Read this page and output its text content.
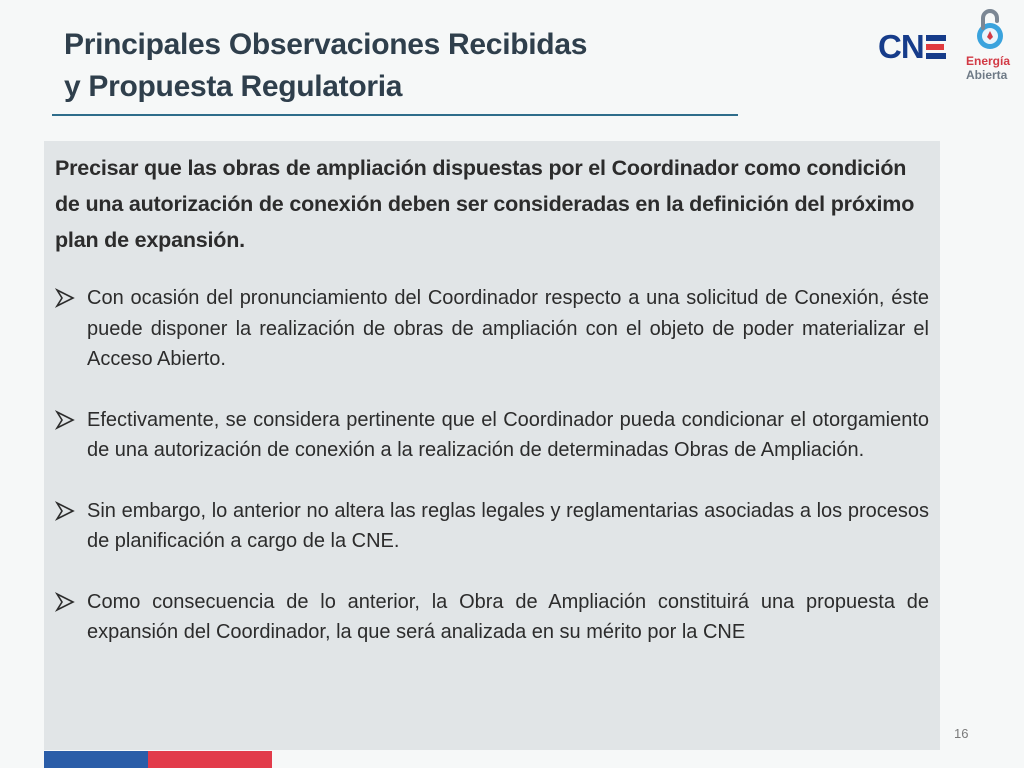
Principales Observaciones Recibidas
y Propuesta Regulatoria
CN	Energía
Abierta

Precisar que las obras de ampliación dispuestas por el Coordinador como condición de una autorización de conexión deben ser consideradas en la definición del próximo plan de expansión.

Con ocasión del pronunciamiento del Coordinador respecto a una solicitud de Conexión, éste puede disponer la realización de obras de ampliación con el objeto de poder materializar el Acceso Abierto.
Efectivamente, se considera pertinente que el Coordinador pueda condicionar el otorgamiento de una autorización de conexión a la realización de determinadas Obras de Ampliación.
Sin embargo, lo anterior no altera las reglas legales y reglamentarias asociadas a los procesos de planificación a cargo de la CNE.
Como consecuencia de lo anterior, la Obra de Ampliación constituirá una propuesta de expansión del Coordinador, la que será analizada en su mérito por la CNE
16
